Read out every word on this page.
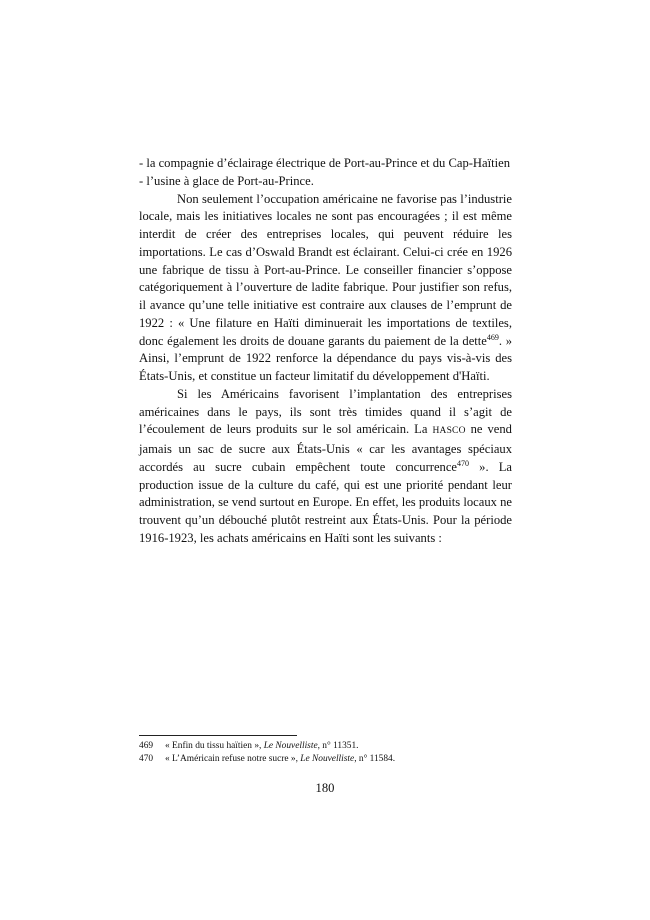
- la compagnie d’éclairage électrique de Port-au-Prince et du Cap-Haïtien

- l’usine à glace de Port-au-Prince.

Non seulement l’occupation américaine ne favorise pas l’industrie locale, mais les initiatives locales ne sont pas encouragées ; il est même interdit de créer des entreprises locales, qui peuvent réduire les importations. Le cas d’Oswald Brandt est éclairant. Celui-ci crée en 1926 une fabrique de tissu à Port-au-Prince. Le conseiller financier s’oppose catégoriquement à l’ouverture de ladite fabrique. Pour justifier son refus, il avance qu’une telle initiative est contraire aux clauses de l’emprunt de 1922 : « Une filature en Haïti diminuerait les importations de textiles, donc également les droits de douane garants du paiement de la dette$^{469}$. » Ainsi, l’emprunt de 1922 renforce la dépendance du pays vis-à-vis des États-Unis, et constitue un facteur limitatif du développement d'Haïti.

Si les Américains favorisent l’implantation des entreprises américaines dans le pays, ils sont très timides quand il s’agit de l’écoulement de leurs produits sur le sol américain. La HASCO ne vend jamais un sac de sucre aux États-Unis « car les avantages spéciaux accordés au sucre cubain empêchent toute concurrence$^{470}$ ». La production issue de la culture du café, qui est une priorité pendant leur administration, se vend surtout en Europe. En effet, les produits locaux ne trouvent qu’un débouché plutôt restreint aux États-Unis. Pour la période 1916-1923, les achats américains en Haïti sont les suivants :

469 « Enfin du tissu haïtien », Le Nouvelliste, n° 11351.

470 « L’Américain refuse notre sucre », Le Nouvelliste, n° 11584.

180
